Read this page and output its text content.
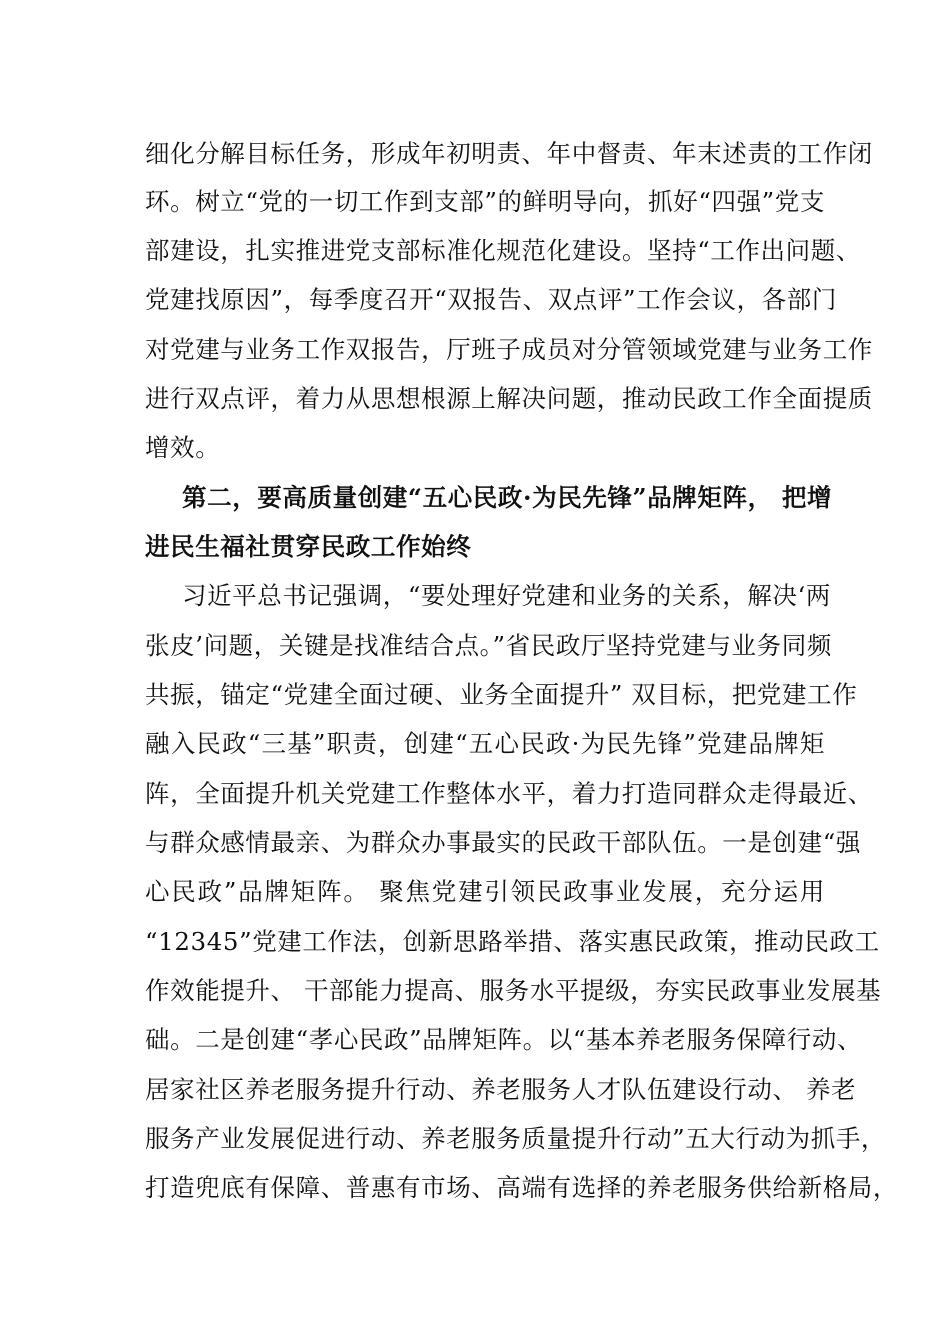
细化分解目标任务，形成年初明责、年中督责、年末述责的工作闭
环。树立“党的一切工作到支部”的鲜明导向，抓好“四强”党支
部建设，扎实推进党支部标准化规范化建设。坚持“工作出问题、
党建找原因”，每季度召开“双报告、双点评”工作会议，各部门
对党建与业务工作双报告，厅班子成员对分管领域党建与业务工作
进行双点评，着力从思想根源上解决问题，推动民政工作全面提质
增效。
第二，要高质量创建“五心民政·为民先锋”品牌矩阵， 把增
进民生福社贯穿民政工作始终
习近平总书记强调，“要处理好党建和业务的关系，解决‘两
张皮’问题，关键是找准结合点。”省民政厅坚持党建与业务同频
共振，锚定“党建全面过硬、业务全面提升” 双目标，把党建工作
融入民政“三基”职责，创建“五心民政·为民先锋”党建品牌矩
阵，全面提升机关党建工作整体水平，着力打造同群众走得最近、
与群众感情最亲、为群众办事最实的民政干部队伍。一是创建“强
心民政”品牌矩阵。 聚焦党建引领民政事业发展，充分运用
“12345”党建工作法，创新思路举措、落实惠民政策，推动民政工
作效能提升、 干部能力提高、服务水平提级，夯实民政事业发展基
础。二是创建“孝心民政”品牌矩阵。以“基本养老服务保障行动、
居家社区养老服务提升行动、养老服务人才队伍建设行动、 养老
服务产业发展促进行动、养老服务质量提升行动”五大行动为抓手，
打造兜底有保障、普惠有市场、高端有选择的养老服务供给新格局，
